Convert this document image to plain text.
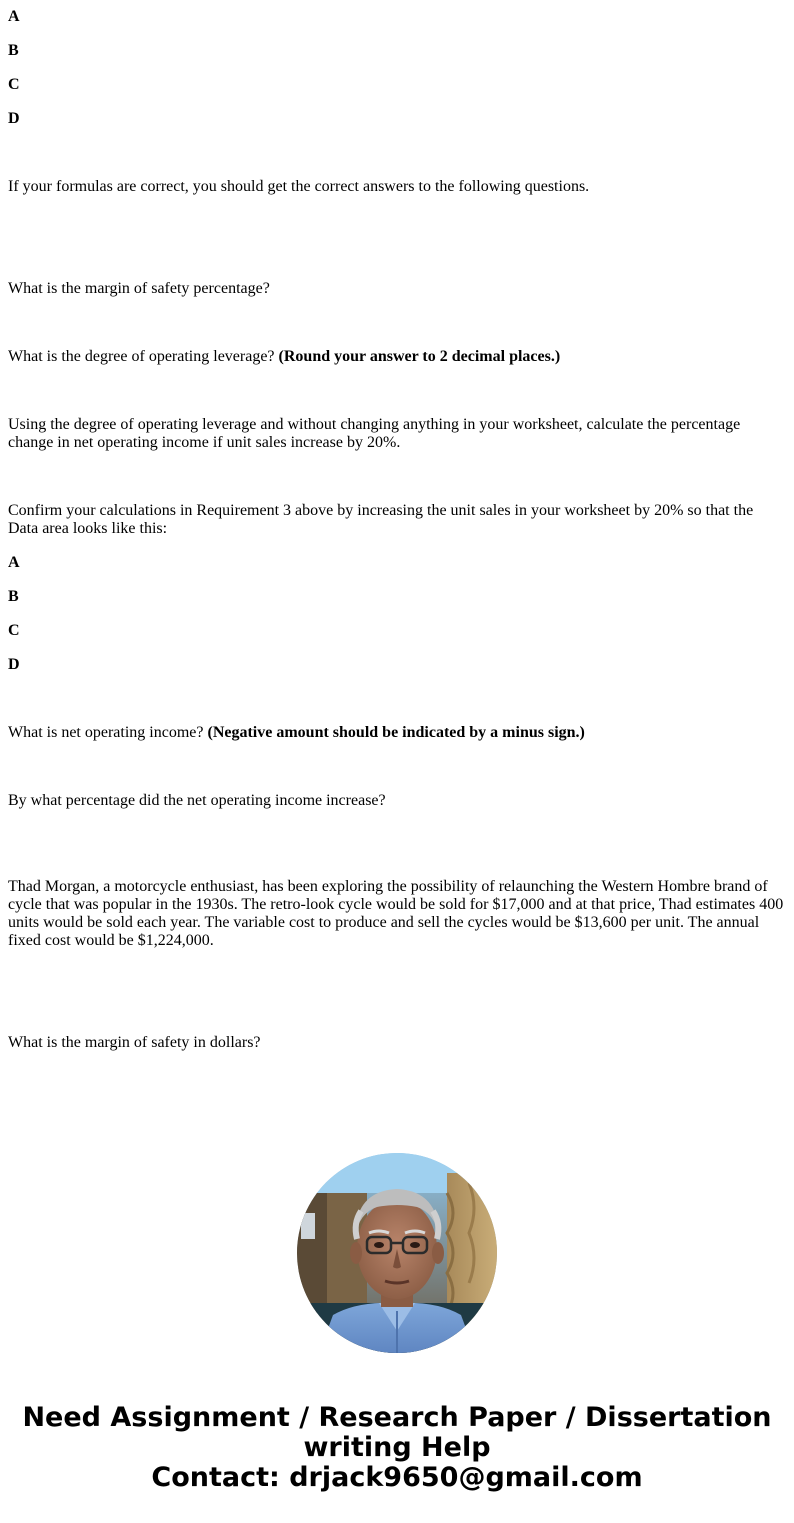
A

B

C

D

If your formulas are correct, you should get the correct answers to the following questions.

What is the margin of safety percentage?

What is the degree of operating leverage? (Round your answer to 2 decimal places.)

Using the degree of operating leverage and without changing anything in your worksheet, calculate the percentage change in net operating income if unit sales increase by 20%.

Confirm your calculations in Requirement 3 above by increasing the unit sales in your worksheet by 20% so that the Data area looks like this:

A

B

C

D

What is net operating income? (Negative amount should be indicated by a minus sign.)

By what percentage did the net operating income increase?

Thad Morgan, a motorcycle enthusiast, has been exploring the possibility of relaunching the Western Hombre brand of cycle that was popular in the 1930s. The retro-look cycle would be sold for $17,000 and at that price, Thad estimates 400 units would be sold each year. The variable cost to produce and sell the cycles would be $13,600 per unit. The annual fixed cost would be $1,224,000.

What is the margin of safety in dollars?

Need Assignment / Research Paper / Dissertation
writing Help
Contact: drjack9650@gmail.com
